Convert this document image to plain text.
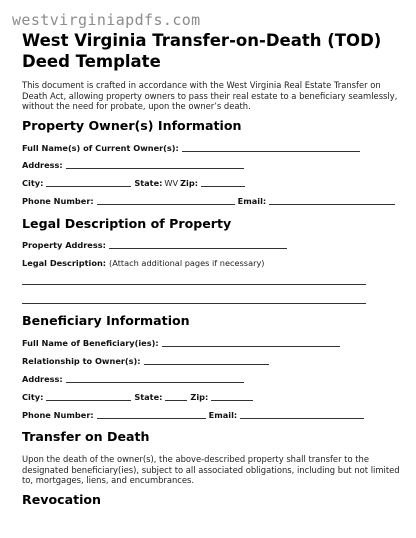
westvirginiapdfs.com
West Virginia Transfer-on-Death (TOD) Deed Template
This document is crafted in accordance with the West Virginia Real Estate Transfer on Death Act, allowing property owners to pass their real estate to a beneficiary seamlessly, without the need for probate, upon the owner’s death.
Property Owner(s) Information
Full Name(s) of Current Owner(s):
Address:
City:	State: WV Zip:
Phone Number:	Email:
Legal Description of Property
Property Address:
Legal Description: (Attach additional pages if necessary)
Beneficiary Information
Full Name of Beneficiary(ies):
Relationship to Owner(s):
Address:
City:	State:	Zip:
Phone Number:	Email:
Transfer on Death
Upon the death of the owner(s), the above-described property shall transfer to the designated beneficiary(ies), subject to all associated obligations, including but not limited to, mortgages, liens, and encumbrances.
Revocation
